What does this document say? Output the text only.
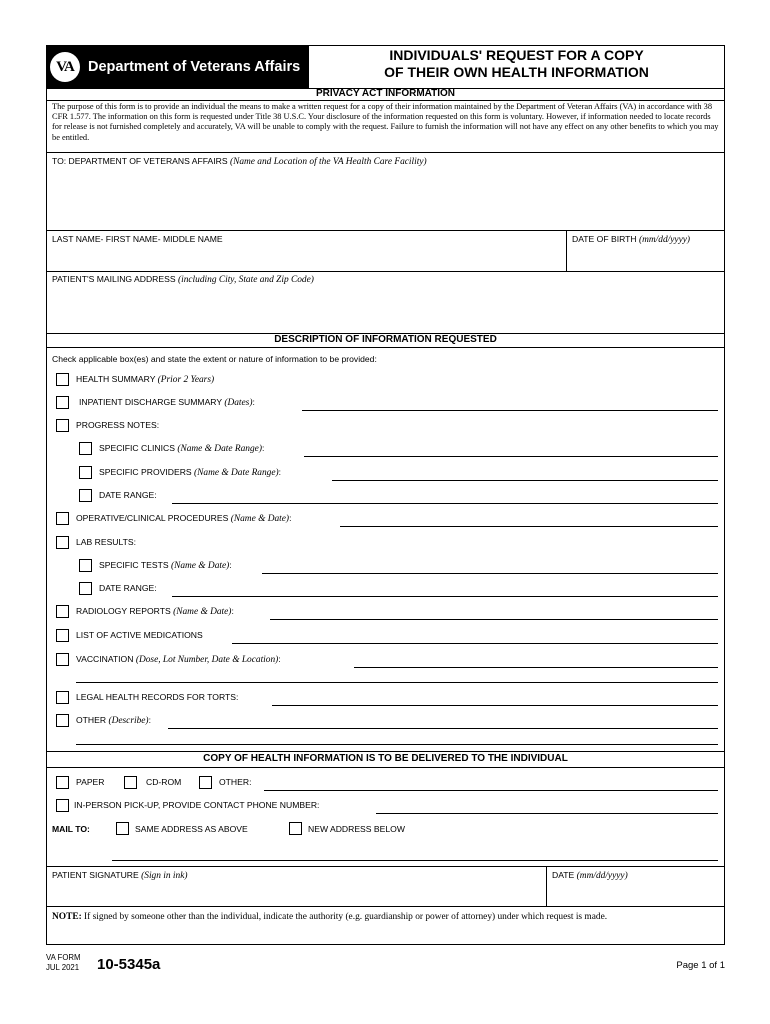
VA Department of Veterans Affairs
INDIVIDUALS' REQUEST FOR A COPY
OF THEIR OWN HEALTH INFORMATION
PRIVACY ACT INFORMATION
The purpose of this form is to provide an individual the means to make a written request for a copy of their information maintained by the Department of Veteran Affairs (VA) in accordance with 38 CFR 1.577. The information on this form is requested under Title 38 U.S.C. Your disclosure of the information requested on this form is voluntary. However, if information needed to locate records for release is not furnished completely and accurately, VA will be unable to comply with the request. Failure to furnish the information will not have any effect on any other benefits to which you may be entitled.
TO: DEPARTMENT OF VETERANS AFFAIRS (Name and Location of the VA Health Care Facility)
LAST NAME- FIRST NAME- MIDDLE NAME	DATE OF BIRTH (mm/dd/yyyy)
PATIENT'S MAILING ADDRESS (including City, State and Zip Code)
DESCRIPTION OF INFORMATION REQUESTED
Check applicable box(es) and state the extent or nature of information to be provided:
HEALTH SUMMARY (Prior 2 Years)
INPATIENT DISCHARGE SUMMARY (Dates):
PROGRESS NOTES:
SPECIFIC CLINICS (Name & Date Range):
SPECIFIC PROVIDERS (Name & Date Range):
DATE RANGE:
OPERATIVE/CLINICAL PROCEDURES (Name & Date):
LAB RESULTS:
SPECIFIC TESTS (Name & Date):
DATE RANGE:
RADIOLOGY REPORTS (Name & Date):
LIST OF ACTIVE MEDICATIONS
VACCINATION (Dose, Lot Number, Date & Location):
LEGAL HEALTH RECORDS FOR TORTS:
OTHER (Describe):
COPY OF HEALTH INFORMATION IS TO BE DELIVERED TO THE INDIVIDUAL
PAPER	CD-ROM	OTHER:
IN-PERSON PICK-UP, PROVIDE CONTACT PHONE NUMBER:
MAIL TO:	SAME ADDRESS AS ABOVE	NEW ADDRESS BELOW
PATIENT SIGNATURE (Sign in ink)	DATE (mm/dd/yyyy)
NOTE: If signed by someone other than the individual, indicate the authority (e.g. guardianship or power of attorney) under which request is made.
VA FORM
JUL 2021 10-5345a	Page 1 of 1
